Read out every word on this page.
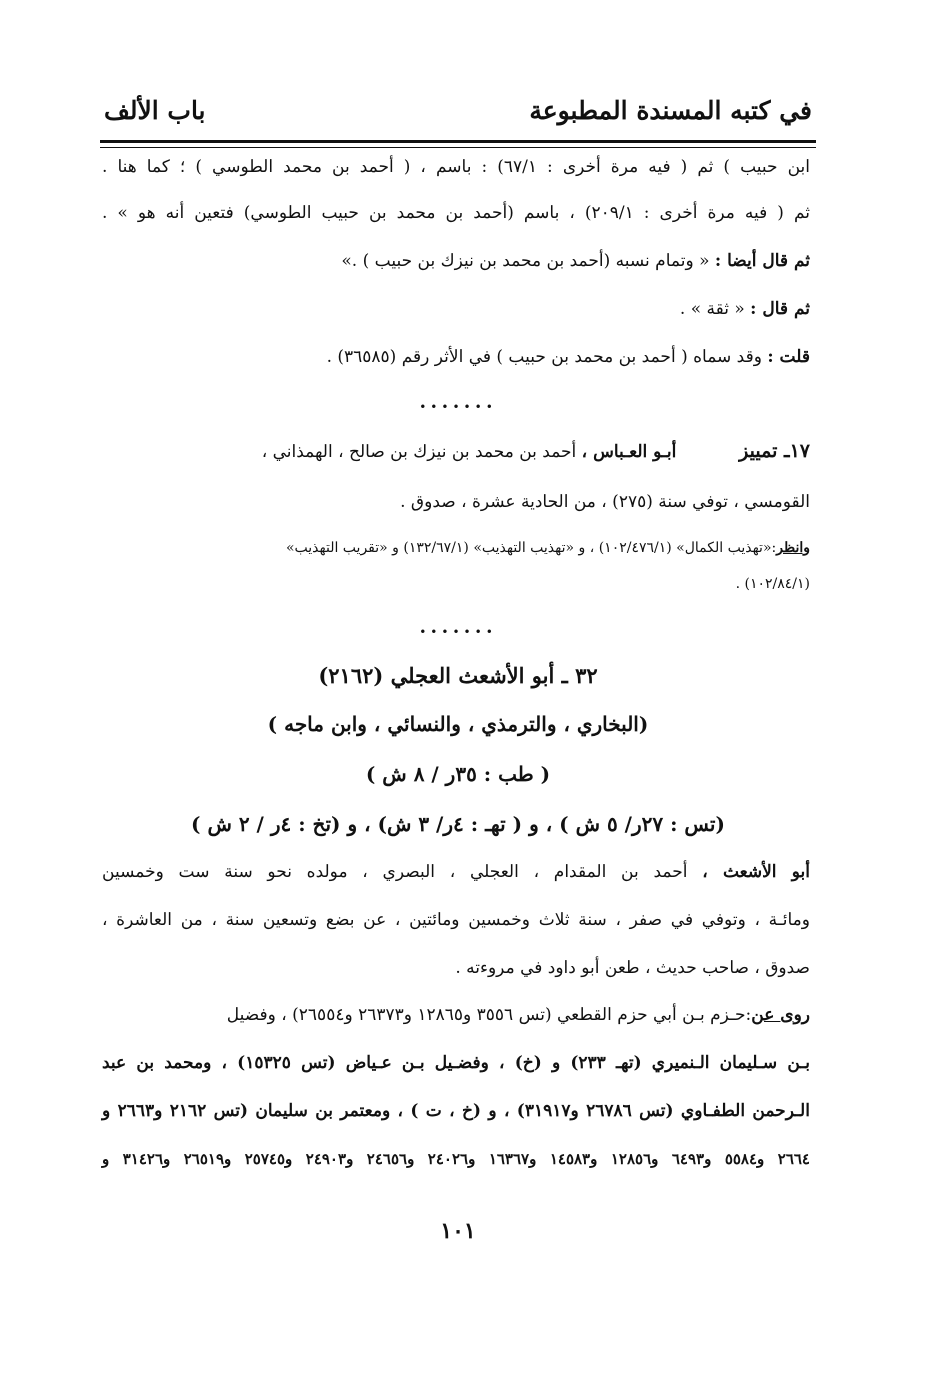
في كتبه المسندة المطبوعة
باب الألف
ابن حبيب ) ثم ( فيه مرة أخرى : ٦٧/١) : باسم ، ( أحمد بن محمد الطوسي ) ؛ كما هنا .
ثم ( فيه مرة أخرى : ٢٠٩/١) ، باسم (أحمد بن محمد بن حبيب الطوسي) فتعين أنه هو » .
ثم قال أيضا : « وتمام نسبه (أحمد بن محمد بن نيزك بن حبيب ) .»
ثم قال : « ثقة » .
قلت : وقد سماه ( أحمد بن محمد بن حبيب ) في الأثر رقم (٣٦٥٨٥) .
•••••••
١٧ـ تمييز  أبـو العـباس ، أحمد بن محمد بن نيزك بن صالح ، الهمذاني ،
القومسي ، توفي سنة (٢٧٥) ، من الحادية عشرة ، صدوق .
وانظر:«تهذيب الكمال» (١٠٢/٤٧٦/١) ، و «تهذيب التهذيب» (١٣٢/٦٧/١) و «تقريب التهذيب»
(١٠٢/٨٤/١) .
•••••••
٣٢ ـ أبو الأشعث العجلي (٢١٦٢)
(البخاري ، والترمذي ، والنسائي ، وابن ماجه )
( طب : ٣٥ر / ٨ ش )
(تس : ٢٧ر/ ٥ ش ) ، و ( تهـ : ٤ر/ ٣ ش) ، و (تخ : ٤ر / ٢ ش )
أبو الأشعث ، أحمد بن المقدام ، العجلي ، البصري ، مولده نحو سنة ست وخمسين
ومائـة ، وتوفي في صفر ، سنة ثلاث وخمسين ومائتين ، عن بضع وتسعين سنة ، من العاشرة ،
صدوق ، صاحب حديث ، طعن أبو داود في مروءته .
روى عن:حـزم بـن أبي حزم القطعي (تس ٣٥٥٦ و١٢٨٦٥ و٢٦٣٧٣ و٢٦٥٥٤) ، وفضيل
بـن سـليمان الـنميري (تهـ ٢٣٣) و (خ) ، وفضـيل بـن عـياض (تس ١٥٣٢٥) ، ومحمد بن عبد
الـرحمن الطفـاوي (تس ٢٦٧٨٦ و٣١٩١٧) ، و (خ ، ت ) ، ومعتمر بن سليمان (تس ٢١٦٢ و٢٦٦٣ و
٢٦٦٤ و٥٥٨٤ و٦٤٩٣ و١٢٨٥٦ و١٤٥٨٣ و١٦٣٦٧ و٢٤٠٢٦ و٢٤٦٥٦ و٢٤٩٠٣ و٢٥٧٤٥ و٢٦٥١٩ و٣١٤٢٦ و
١٠١
